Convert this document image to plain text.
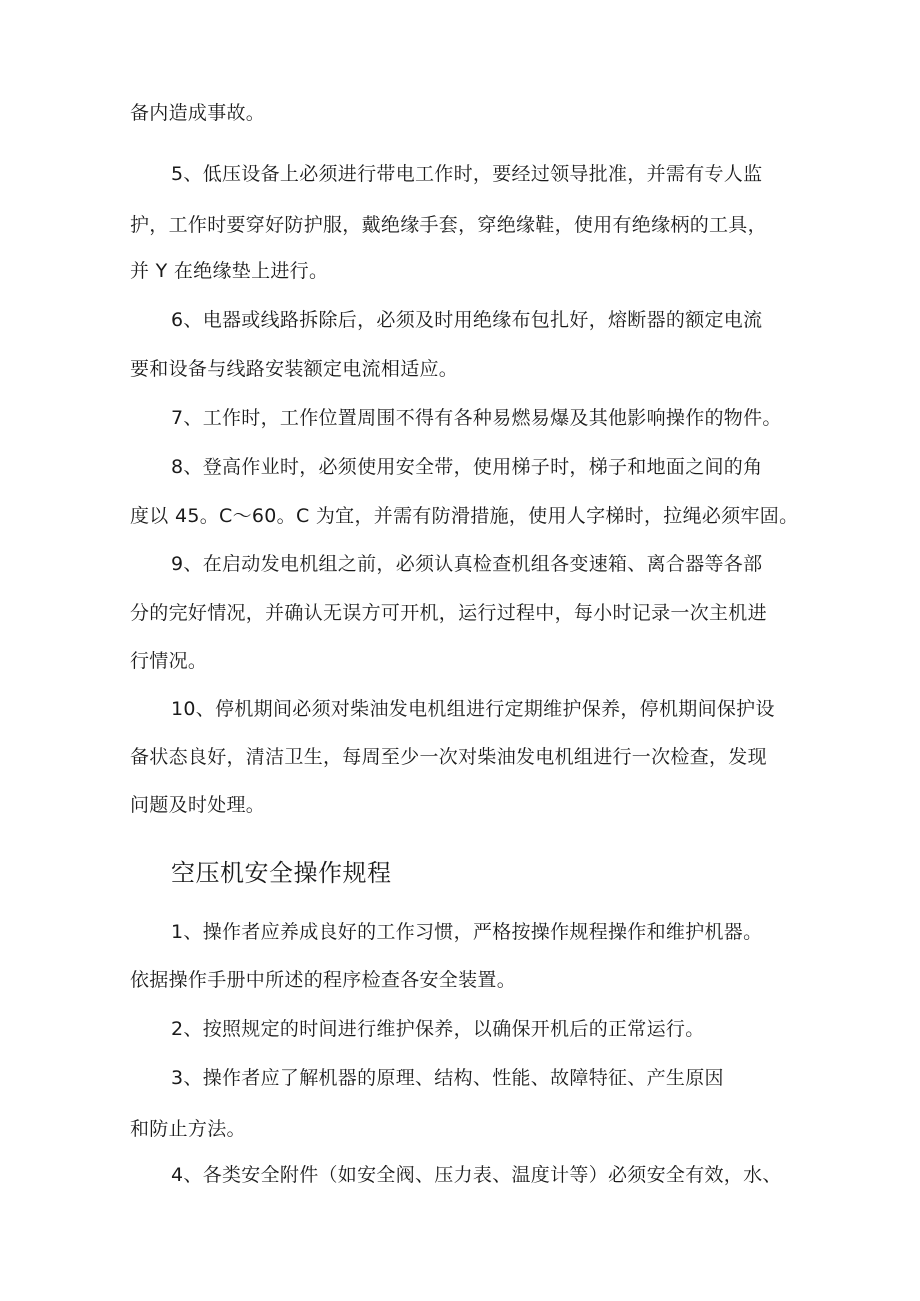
备内造成事故。
5、低压设备上必须进行带电工作时，要经过领导批准，并需有专人监
护，工作时要穿好防护服，戴绝缘手套，穿绝缘鞋，使用有绝缘柄的工具，
并 Y 在绝缘垫上进行。
6、电器或线路拆除后，必须及时用绝缘布包扎好，熔断器的额定电流
要和设备与线路安装额定电流相适应。
7、工作时，工作位置周围不得有各种易燃易爆及其他影响操作的物件。
8、登高作业时，必须使用安全带，使用梯子时，梯子和地面之间的角
度以 45。C～60。C 为宜，并需有防滑措施，使用人字梯时，拉绳必须牢固。
9、在启动发电机组之前，必须认真检查机组各变速箱、离合器等各部
分的完好情况，并确认无误方可开机，运行过程中，每小时记录一次主机进
行情况。
10、停机期间必须对柴油发电机组进行定期维护保养，停机期间保护设
备状态良好，清洁卫生，每周至少一次对柴油发电机组进行一次检查，发现
问题及时处理。
空压机安全操作规程
1、操作者应养成良好的工作习惯，严格按操作规程操作和维护机器。
依据操作手册中所述的程序检查各安全装置。
2、按照规定的时间进行维护保养，以确保开机后的正常运行。
3、操作者应了解机器的原理、结构、性能、故障特征、产生原因
和防止方法。
4、各类安全附件（如安全阀、压力表、温度计等）必须安全有效，水、
